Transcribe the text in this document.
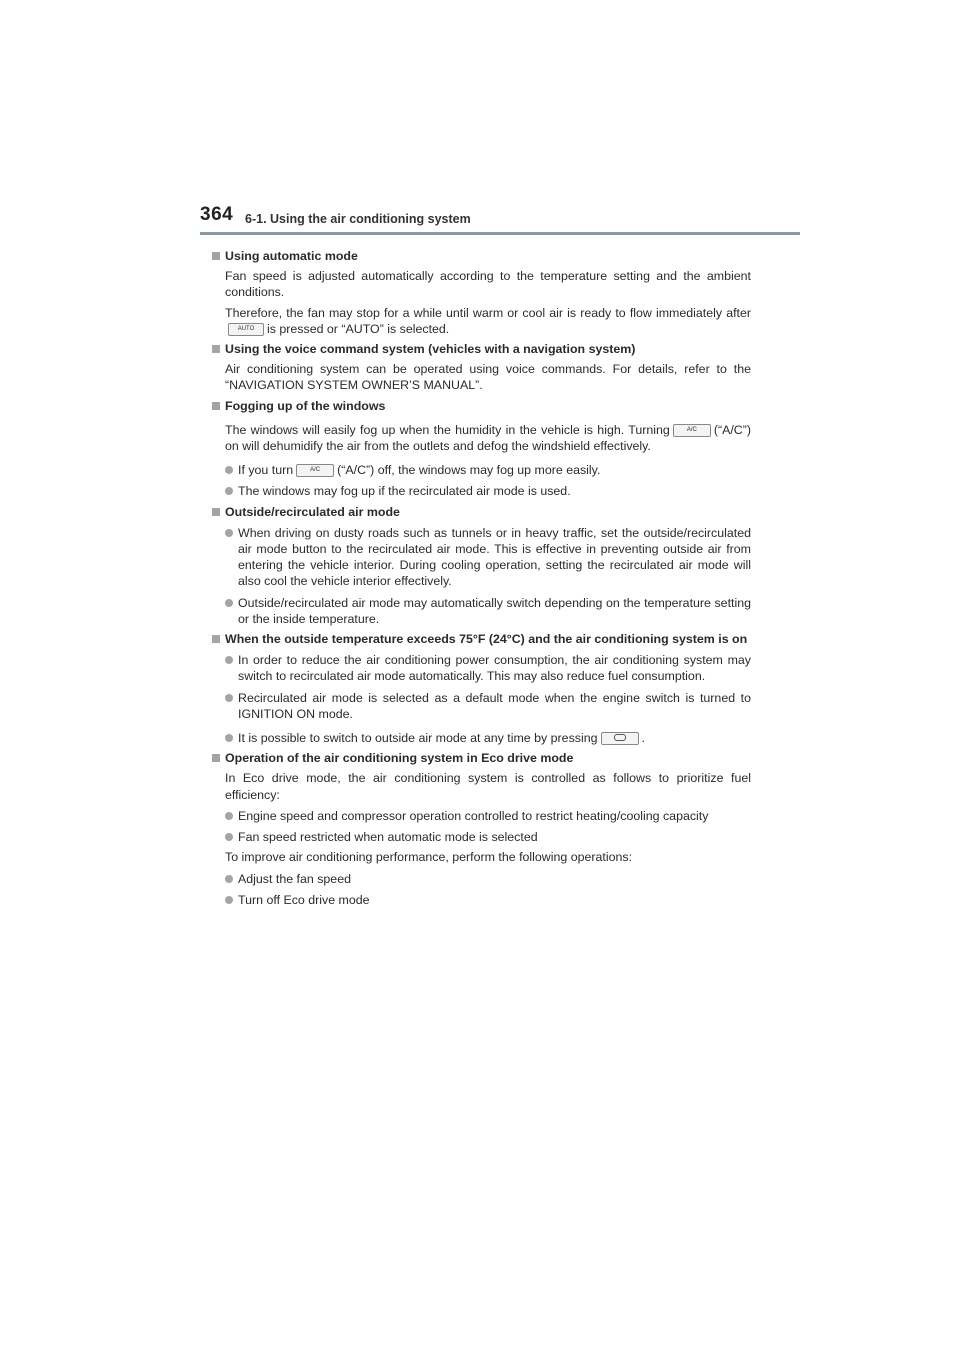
364 6-1. Using the air conditioning system
Using automatic mode
Fan speed is adjusted automatically according to the temperature setting and the ambient conditions.
Therefore, the fan may stop for a while until warm or cool air is ready to flow immediately afterAUTO is pressed or “AUTO” is selected.
Using the voice command system (vehicles with a navigation system)
Air conditioning system can be operated using voice commands. For details, refer to the “NAVIGATION SYSTEM OWNER’S MANUAL”.
Fogging up of the windows
The windows will easily fog up when the humidity in the vehicle is high. Turning	A/C (“A/C”) on will dehumidify the air from the outlets and defog the windshield effectively.
If you turn	A/C (“A/C”) off, the windows may fog up more easily.
The windows may fog up if the recirculated air mode is used.
Outside/recirculated air mode
When driving on dusty roads such as tunnels or in heavy traffic, set the outside/recirculated air mode button to the recirculated air mode. This is effective in preventing outside air from entering the vehicle interior. During cooling operation, setting the recirculated air mode will also cool the vehicle interior effectively.
Outside/recirculated air mode may automatically switch depending on the temperature setting or the inside temperature.
When the outside temperature exceeds 75°F (24°C) and the air conditioning system is on
In order to reduce the air conditioning power consumption, the air conditioning system may switch to recirculated air mode automatically. This may also reduce fuel consumption.
Recirculated air mode is selected as a default mode when the engine switch is turned to IGNITION ON mode.
It is possible to switch to outside air mode at any time by pressing	.
Operation of the air conditioning system in Eco drive mode
In Eco drive mode, the air conditioning system is controlled as follows to prioritize fuel efficiency:
Engine speed and compressor operation controlled to restrict heating/cooling capacity
Fan speed restricted when automatic mode is selected
To improve air conditioning performance, perform the following operations:
Adjust the fan speed
Turn off Eco drive mode
